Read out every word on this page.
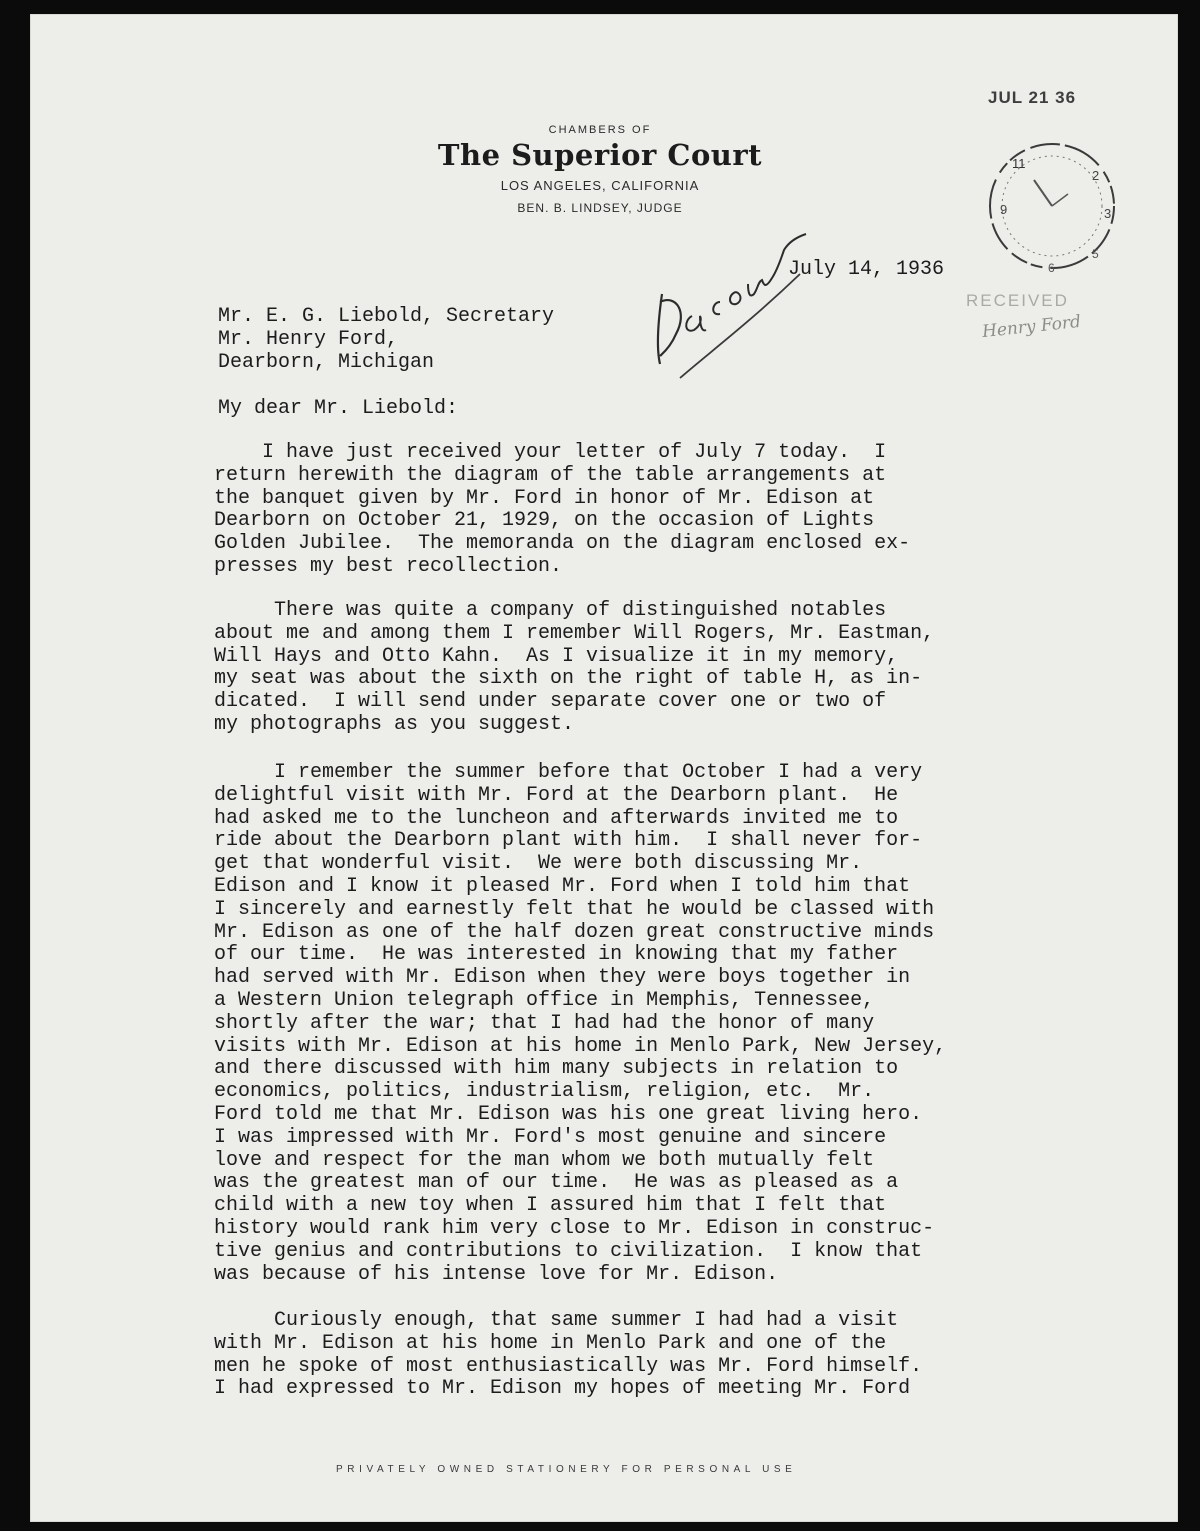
CHAMBERS OF
The Superior Court
LOS ANGELES, CALIFORNIA
BEN. B. LINDSEY, JUDGE
JUL 21 36
2
3
5
6
9
11
RECEIVED
Henry Ford
Dacon
July 14, 1936
Mr. E. G. Liebold, Secretary
Mr. Henry Ford,
Dearborn, Michigan
My dear Mr. Liebold:
I have just received your letter of July 7 today.  I
return herewith the diagram of the table arrangements at
the banquet given by Mr. Ford in honor of Mr. Edison at
Dearborn on October 21, 1929, on the occasion of Lights
Golden Jubilee.  The memoranda on the diagram enclosed ex-
presses my best recollection.
There was quite a company of distinguished notables
about me and among them I remember Will Rogers, Mr. Eastman,
Will Hays and Otto Kahn.  As I visualize it in my memory,
my seat was about the sixth on the right of table H, as in-
dicated.  I will send under separate cover one or two of
my photographs as you suggest.
I remember the summer before that October I had a very
delightful visit with Mr. Ford at the Dearborn plant.  He
had asked me to the luncheon and afterwards invited me to
ride about the Dearborn plant with him.  I shall never for-
get that wonderful visit.  We were both discussing Mr.
Edison and I know it pleased Mr. Ford when I told him that
I sincerely and earnestly felt that he would be classed with
Mr. Edison as one of the half dozen great constructive minds
of our time.  He was interested in knowing that my father
had served with Mr. Edison when they were boys together in
a Western Union telegraph office in Memphis, Tennessee,
shortly after the war; that I had had the honor of many
visits with Mr. Edison at his home in Menlo Park, New Jersey,
and there discussed with him many subjects in relation to
economics, politics, industrialism, religion, etc.  Mr.
Ford told me that Mr. Edison was his one great living hero.
I was impressed with Mr. Ford's most genuine and sincere
love and respect for the man whom we both mutually felt
was the greatest man of our time.  He was as pleased as a
child with a new toy when I assured him that I felt that
history would rank him very close to Mr. Edison in construc-
tive genius and contributions to civilization.  I know that
was because of his intense love for Mr. Edison.
Curiously enough, that same summer I had had a visit
with Mr. Edison at his home in Menlo Park and one of the
men he spoke of most enthusiastically was Mr. Ford himself.
I had expressed to Mr. Edison my hopes of meeting Mr. Ford
PRIVATELY OWNED STATIONERY FOR PERSONAL USE
